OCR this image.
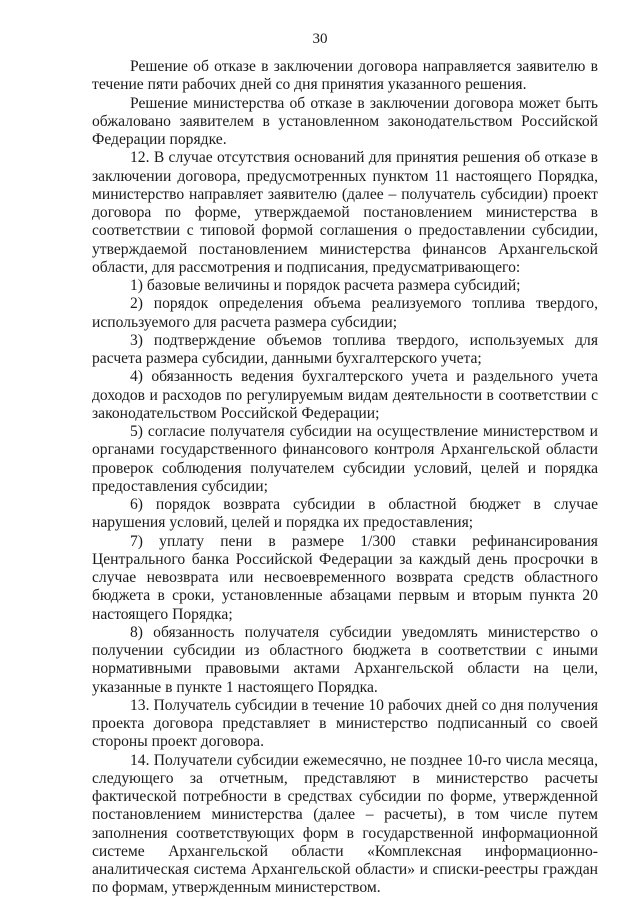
30

Решение об отказе в заключении договора направляется заявителю в течение пяти рабочих дней со дня принятия указанного решения.

Решение министерства об отказе в заключении договора может быть обжаловано заявителем в установленном законодательством Российской Федерации порядке.

12. В случае отсутствия оснований для принятия решения об отказе в заключении договора, предусмотренных пунктом 11 настоящего Порядка, министерство направляет заявителю (далее – получатель субсидии) проект договора по форме, утверждаемой постановлением министерства в соответствии с типовой формой соглашения о предоставлении субсидии, утверждаемой постановлением министерства финансов Архангельской области, для рассмотрения и подписания, предусматривающего:

1) базовые величины и порядок расчета размера субсидий;

2) порядок определения объема реализуемого топлива твердого, используемого для расчета размера субсидии;

3) подтверждение объемов топлива твердого, используемых для расчета размера субсидии, данными бухгалтерского учета;

4) обязанность ведения бухгалтерского учета и раздельного учета доходов и расходов по регулируемым видам деятельности в соответствии с законодательством Российской Федерации;

5) согласие получателя субсидии на осуществление министерством и органами государственного финансового контроля Архангельской области проверок соблюдения получателем субсидии условий, целей и порядка предоставления субсидии;

6) порядок возврата субсидии в областной бюджет в случае нарушения условий, целей и порядка их предоставления;

7) уплату пени в размере 1/300 ставки рефинансирования Центрального банка Российской Федерации за каждый день просрочки в случае невозврата или несвоевременного возврата средств областного бюджета в сроки, установленные абзацами первым и вторым пункта 20 настоящего Порядка;

8) обязанность получателя субсидии уведомлять министерство о получении субсидии из областного бюджета в соответствии с иными нормативными правовыми актами Архангельской области на цели, указанные в пункте 1 настоящего Порядка.

13. Получатель субсидии в течение 10 рабочих дней со дня получения проекта договора представляет в министерство подписанный со своей стороны проект договора.

14. Получатели субсидии ежемесячно, не позднее 10-го числа месяца, следующего за отчетным, представляют в министерство расчеты фактической потребности в средствах субсидии по форме, утвержденной постановлением министерства (далее – расчеты), в том числе путем заполнения соответствующих форм в государственной информационной системе Архангельской области «Комплексная информационно-аналитическая система Архангельской области» и списки-реестры граждан по формам, утвержденным министерством.
